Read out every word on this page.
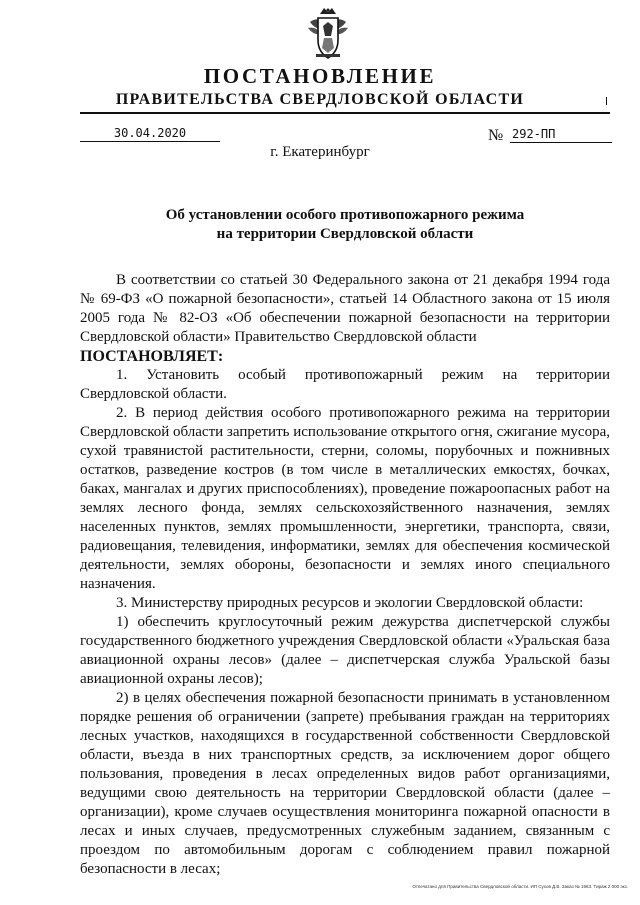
ПОСТАНОВЛЕНИЕ
ПРАВИТЕЛЬСТВА СВЕРДЛОВСКОЙ ОБЛАСТИ
30.04.2020	№ 292-ПП
г. Екатеринбург
Об установлении особого противопожарного режима
на территории Свердловской области

В соответствии со статьей 30 Федерального закона от 21 декабря 1994 года № 69-ФЗ «О пожарной безопасности», статьей 14 Областного закона от 15 июля 2005 года № 82-ОЗ «Об обеспечении пожарной безопасности на территории Свердловской области» Правительство Свердловской области

ПОСТАНОВЛЯЕТ:

1. Установить особый противопожарный режим на территории Свердловской области.

2. В период действия особого противопожарного режима на территории Свердловской области запретить использование открытого огня, сжигание мусора, сухой травянистой растительности, стерни, соломы, порубочных и пожнивных остатков, разведение костров (в том числе в металлических емкостях, бочках, баках, мангалах и других приспособлениях), проведение пожароопасных работ на землях лесного фонда, землях сельскохозяйственного назначения, землях населенных пунктов, землях промышленности, энергетики, транспорта, связи, радиовещания, телевидения, информатики, землях для обеспечения космической деятельности, землях обороны, безопасности и землях иного специального назначения.

3. Министерству природных ресурсов и экологии Свердловской области:

1) обеспечить круглосуточный режим дежурства диспетчерской службы государственного бюджетного учреждения Свердловской области «Уральская база авиационной охраны лесов» (далее – диспетчерская служба Уральской базы авиационной охраны лесов);

2) в целях обеспечения пожарной безопасности принимать в установленном порядке решения об ограничении (запрете) пребывания граждан на территориях лесных участков, находящихся в государственной собственности Свердловской области, въезда в них транспортных средств, за исключением дорог общего пользования, проведения в лесах определенных видов работ организациями, ведущими свою деятельность на территории Свердловской области (далее – организации), кроме случаев осуществления мониторинга пожарной опасности в лесах и иных случаев, предусмотренных служебным заданием, связанным с проездом по автомобильным дорогам с соблюдением правил пожарной безопасности в лесах;

Отпечатано для Правительства Свердловской области. ИП Сухов Д.В. Заказ № 1963. Тираж 2 000 экз.
